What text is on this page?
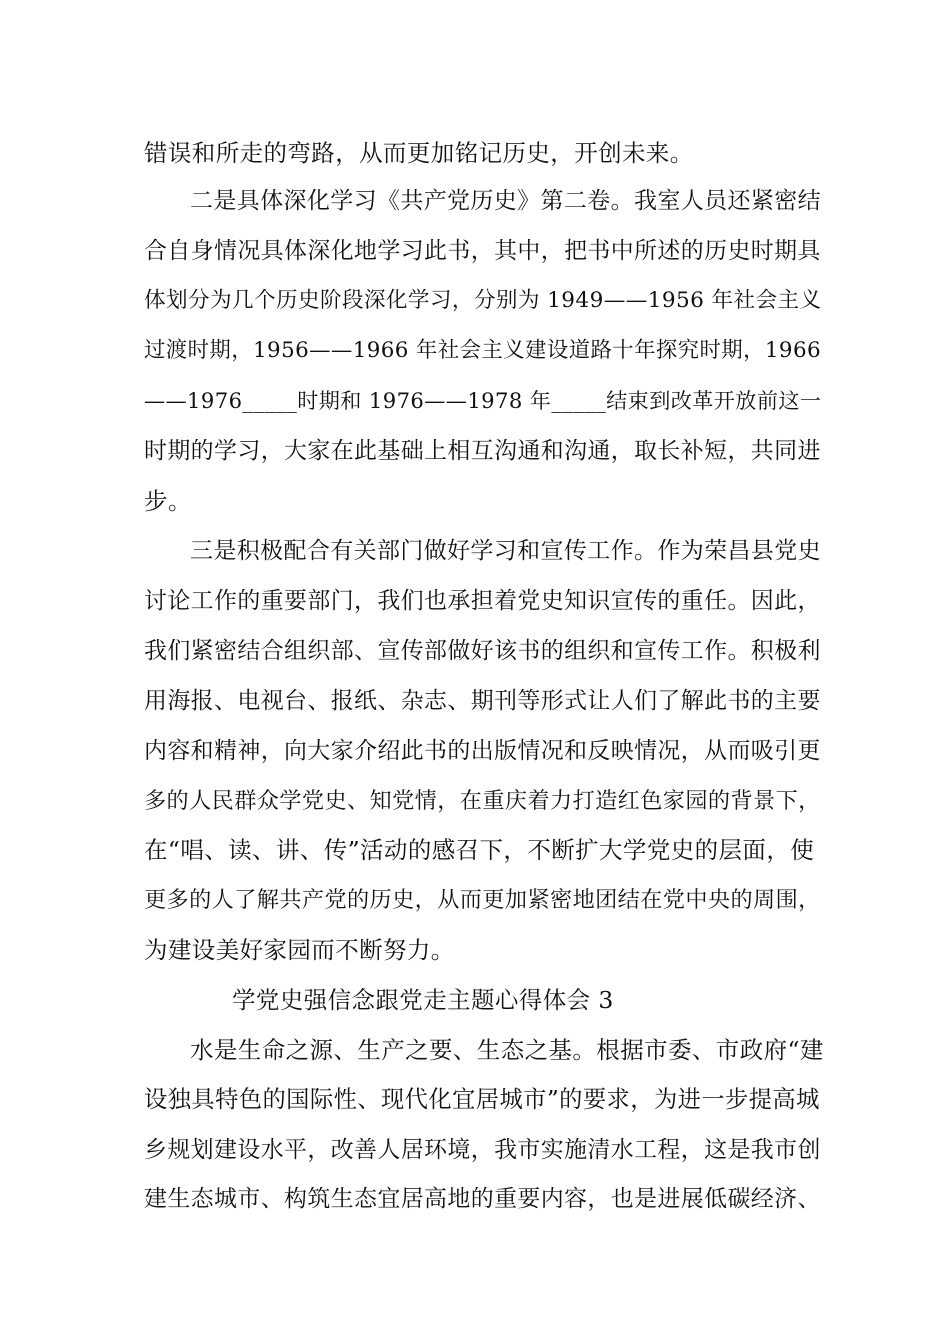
错误和所走的弯路，从而更加铭记历史，开创未来。
二是具体深化学习《共产党历史》第二卷。我室人员还紧密结
合自身情况具体深化地学习此书，其中，把书中所述的历史时期具
体划分为几个历史阶段深化学习，分别为 1949——1956 年社会主义
过渡时期，1956——1966 年社会主义建设道路十年探究时期，1966
——1976_____时期和 1976——1978 年_____结束到改革开放前这一
时期的学习，大家在此基础上相互沟通和沟通，取长补短，共同进
步。
三是积极配合有关部门做好学习和宣传工作。作为荣昌县党史
讨论工作的重要部门，我们也承担着党史知识宣传的重任。因此，
我们紧密结合组织部、宣传部做好该书的组织和宣传工作。积极利
用海报、电视台、报纸、杂志、期刊等形式让人们了解此书的主要
内容和精神，向大家介绍此书的出版情况和反映情况，从而吸引更
多的人民群众学党史、知党情，在重庆着力打造红色家园的背景下，
在“唱、读、讲、传”活动的感召下，不断扩大学党史的层面，使
更多的人了解共产党的历史，从而更加紧密地团结在党中央的周围，
为建设美好家园而不断努力。
学党史强信念跟党走主题心得体会 3
水是生命之源、生产之要、生态之基。根据市委、市政府“建
设独具特色的国际性、现代化宜居城市”的要求，为进一步提高城
乡规划建设水平，改善人居环境，我市实施清水工程，这是我市创
建生态城市、构筑生态宜居高地的重要内容，也是进展低碳经济、
